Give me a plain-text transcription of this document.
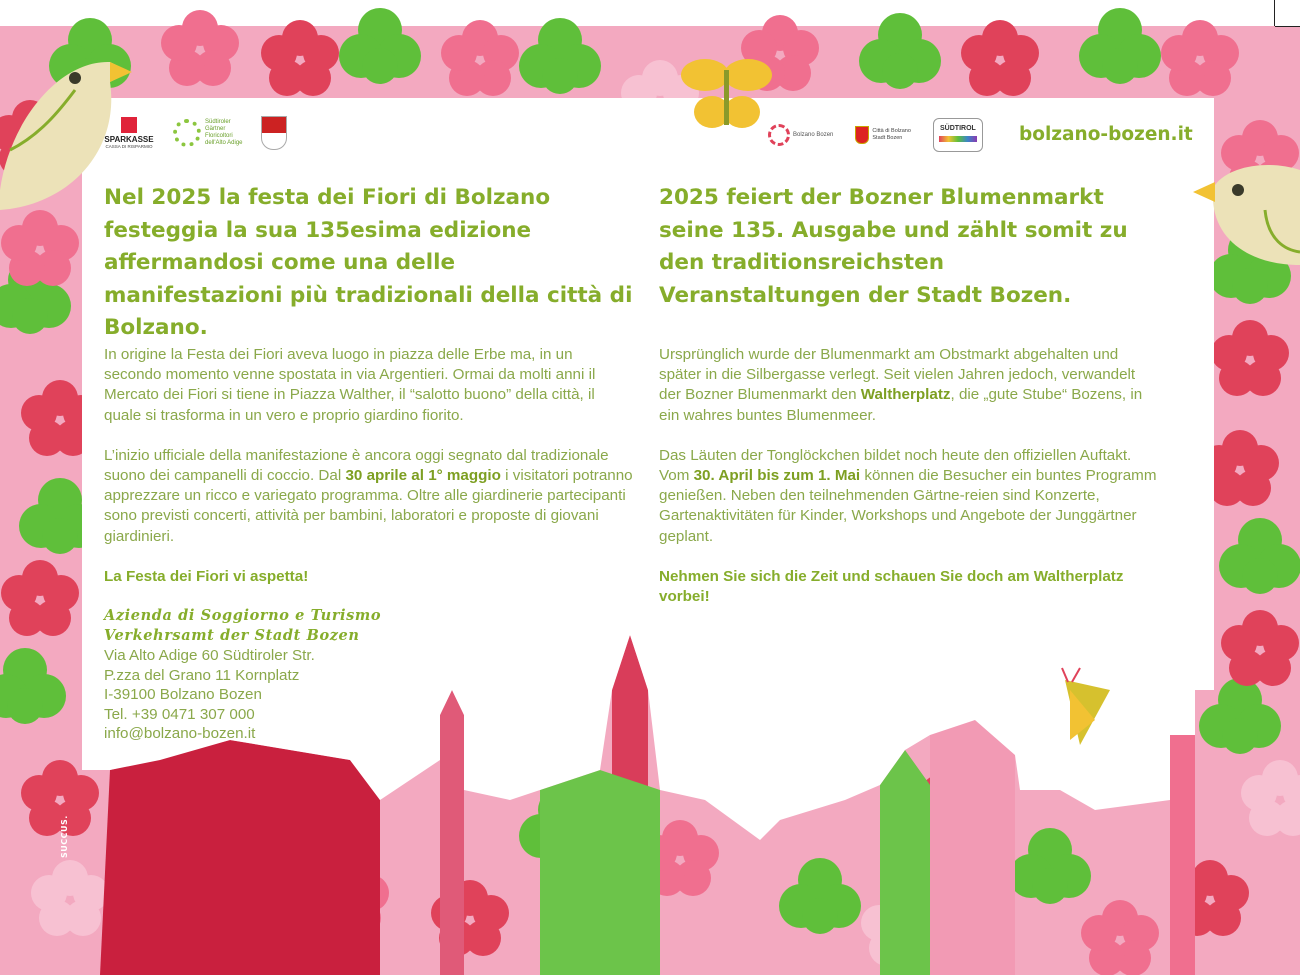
SPARKASSE
CASSA DI RISPARMIO
Südtiroler
Gärtner
Floricoltori
dell'Alto Adige
Bolzano Bozen
Città di Bolzano
Stadt Bozen
SÜDTIROL	bolzano-bozen.it

Nel 2025 la festa dei Fiori di Bolzano festeggia la sua 135esima edizione affermandosi come una delle manifestazioni più tradizionali della città di Bolzano.

In origine la Festa dei Fiori aveva luogo in piazza delle Erbe ma, in un secondo momento venne spostata in via Argentieri. Ormai da molti anni il Mercato dei Fiori si tiene in Piazza Walther, il “salotto buono” della città, il quale si trasforma in un vero e proprio giardino fiorito.

L’inizio ufficiale della manifestazione è ancora oggi segnato dal tradizionale suono dei campanelli di coccio. Dal 30 aprile al 1° maggio i visitatori potranno apprezzare un ricco e variegato programma. Oltre alle giardinerie partecipanti sono previsti concerti, attività per bambini, laboratori e proposte di giovani giardinieri.

La Festa dei Fiori vi aspetta!

Azienda di Soggiorno e Turismo
Verkehrsamt der Stadt Bozen
Via Alto Adige 60 Südtiroler Str.
P.zza del Grano 11 Kornplatz
I-39100 Bolzano Bozen
Tel. +39 0471 307 000
info@bolzano-bozen.it

2025 feiert der Bozner Blumenmarkt seine 135. Ausgabe und zählt somit zu den traditionsreichsten Veranstaltungen der Stadt Bozen.

Ursprünglich wurde der Blumenmarkt am Obstmarkt abgehalten und später in die Silbergasse verlegt. Seit vielen Jahren jedoch, verwandelt der Bozner Blumenmarkt den Waltherplatz, die „gute Stube“ Bozens, in ein wahres buntes Blumenmeer.

Das Läuten der Tonglöckchen bildet noch heute den offiziellen Auftakt. Vom 30. April bis zum 1. Mai können die Besucher ein buntes Programm genießen. Neben den teilnehmenden Gärtne-reien sind Konzerte, Gartenaktivitäten für Kinder, Workshops und Angebote der Junggärtner geplant.

Nehmen Sie sich die Zeit und schauen Sie doch am Waltherplatz vorbei!

SUCCUS.
